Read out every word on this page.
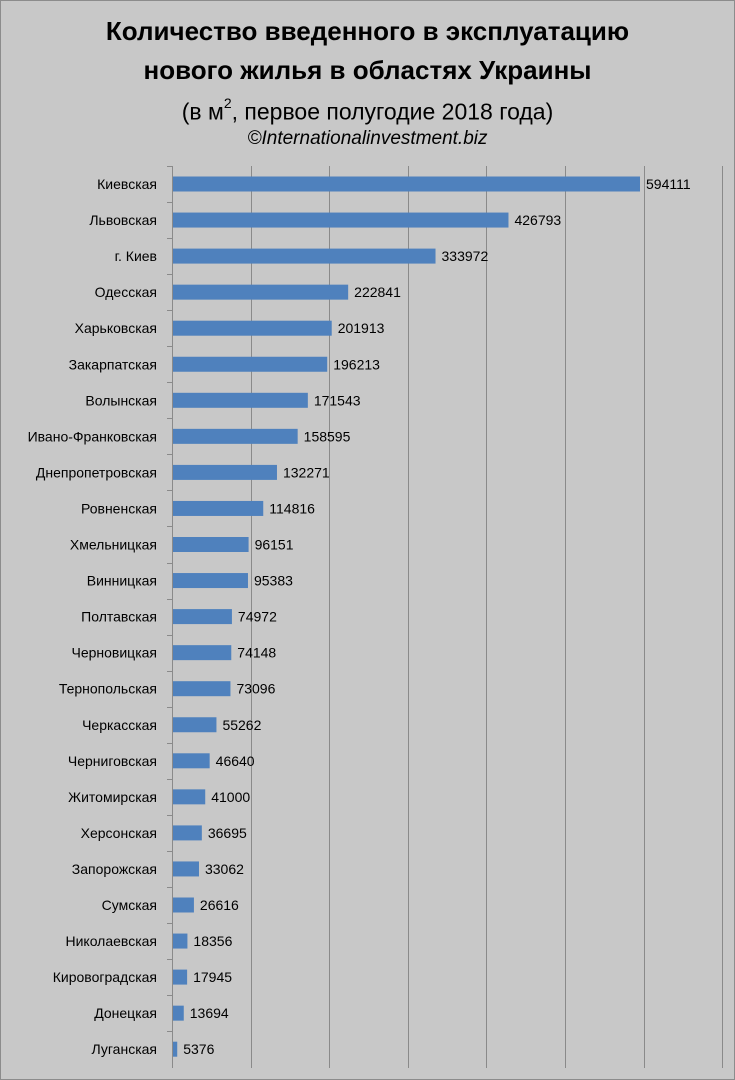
Количество введенного в эксплуатацию
нового жилья в областях Украины
(в $м^2$, первое полугодие 2018 года)
©Internationalinvestment.biz
Киевская	594111
Львовская	426793
г. Киев	333972
Одесская	222841
Харьковская	201913
Закарпатская	196213
Волынская	171543
Ивано-Франковская	158595
Днепропетровская	132271
Ровненская	114816
Хмельницкая	96151
Винницкая	95383
Полтавская	74972
Черновицкая	74148
Тернопольская	73096
Черкасская	55262
Черниговская	46640
Житомирская	41000
Херсонская	36695
Запорожская	33062
Сумская	26616
Николаевская	18356
Кировоградская	17945
Донецкая 13694
Луганская 5376
